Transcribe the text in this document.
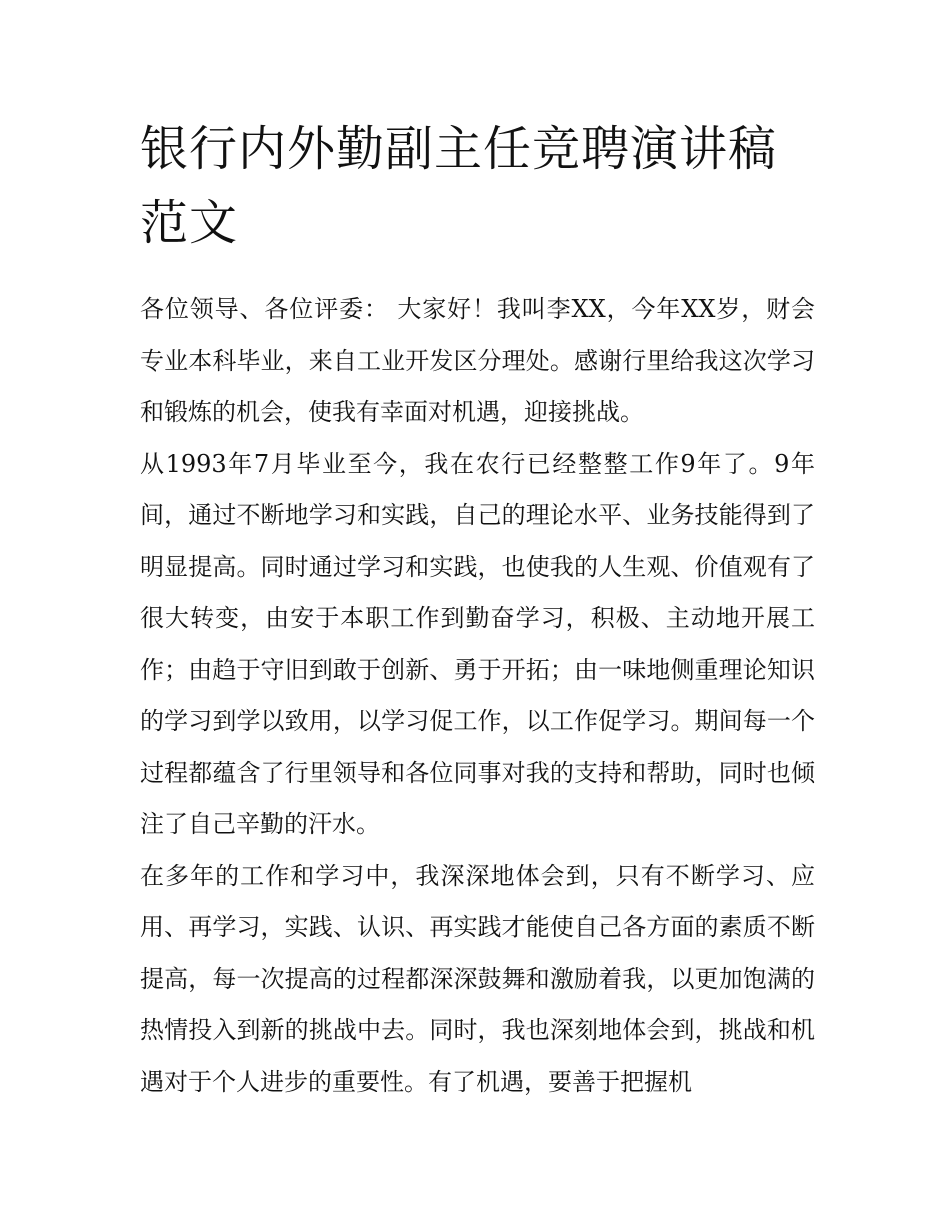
银行内外勤副主任竞聘演讲稿范文

各位领导、各位评委： 大家好！我叫李XX，今年XX岁，财会专业本科毕业，来自工业开发区分理处。感谢行里给我这次学习和锻炼的机会，使我有幸面对机遇，迎接挑战。

从1993年7月毕业至今，我在农行已经整整工作9年了。9年间，通过不断地学习和实践，自己的理论水平、业务技能得到了明显提高。同时通过学习和实践，也使我的人生观、价值观有了很大转变，由安于本职工作到勤奋学习，积极、主动地开展工作；由趋于守旧到敢于创新、勇于开拓；由一味地侧重理论知识的学习到学以致用，以学习促工作，以工作促学习。期间每一个过程都蕴含了行里领导和各位同事对我的支持和帮助，同时也倾注了自己辛勤的汗水。

在多年的工作和学习中，我深深地体会到，只有不断学习、应用、再学习，实践、认识、再实践才能使自己各方面的素质不断提高，每一次提高的过程都深深鼓舞和激励着我，以更加饱满的热情投入到新的挑战中去。同时，我也深刻地体会到，挑战和机遇对于个人进步的重要性。有了机遇，要善于把握机
